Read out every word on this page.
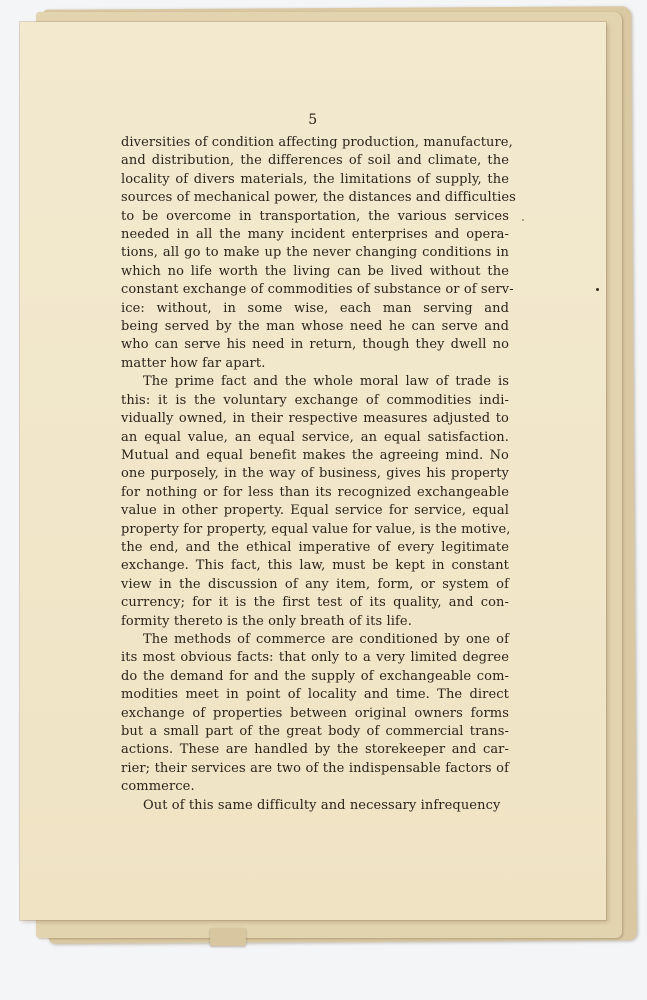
5
diversities of condition affecting production, manufacture,
and distribution, the differences of soil and climate, the
locality of divers materials, the limitations of supply, the
sources of mechanical power, the distances and difficulties
to be overcome in transportation, the various services
needed in all the many incident enterprises and opera-
tions, all go to make up the never changing conditions in
which no life worth the living can be lived without the
constant exchange of commodities of substance or of serv-
ice: without, in some wise, each man serving and
being served by the man whose need he can serve and
who can serve his need in return, though they dwell no
matter how far apart.
The prime fact and the whole moral law of trade is
this: it is the voluntary exchange of commodities indi-
vidually owned, in their respective measures adjusted to
an equal value, an equal service, an equal satisfaction.
Mutual and equal benefit makes the agreeing mind. No
one purposely, in the way of business, gives his property
for nothing or for less than its recognized exchangeable
value in other property. Equal service for service, equal
property for property, equal value for value, is the motive,
the end, and the ethical imperative of every legitimate
exchange. This fact, this law, must be kept in constant
view in the discussion of any item, form, or system of
currency; for it is the first test of its quality, and con-
formity thereto is the only breath of its life.
The methods of commerce are conditioned by one of
its most obvious facts: that only to a very limited degree
do the demand for and the supply of exchangeable com-
modities meet in point of locality and time. The direct
exchange of properties between original owners forms
but a small part of the great body of commercial trans-
actions. These are handled by the storekeeper and car-
rier; their services are two of the indispensable factors of
commerce.
Out of this same difficulty and necessary infrequency
